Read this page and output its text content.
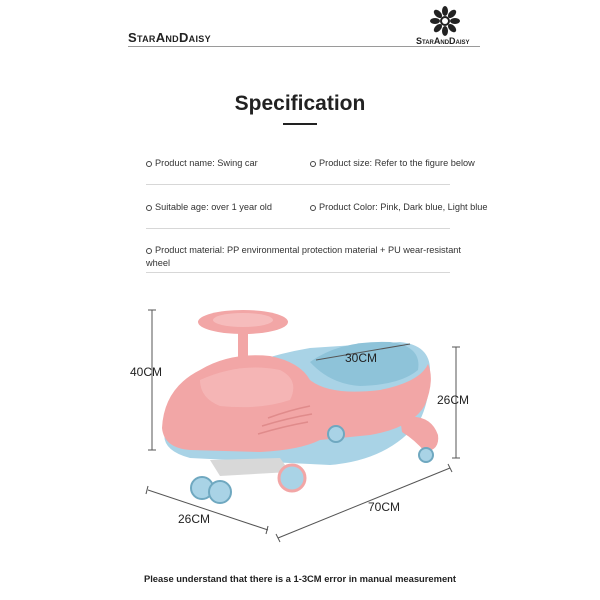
StarAndDaisy	StarAndDaisy
Specification
Product name: Swing car	Product size: Refer to the figure below
Suitable age: over 1 year old	Product Color: Pink, Dark blue, Light blue
Product material: PP environmental protection material + PU wear-resistant wheel
40CM
30CM
26CM
26CM
70CM
Please understand that there is a 1-3CM error in manual measurement
